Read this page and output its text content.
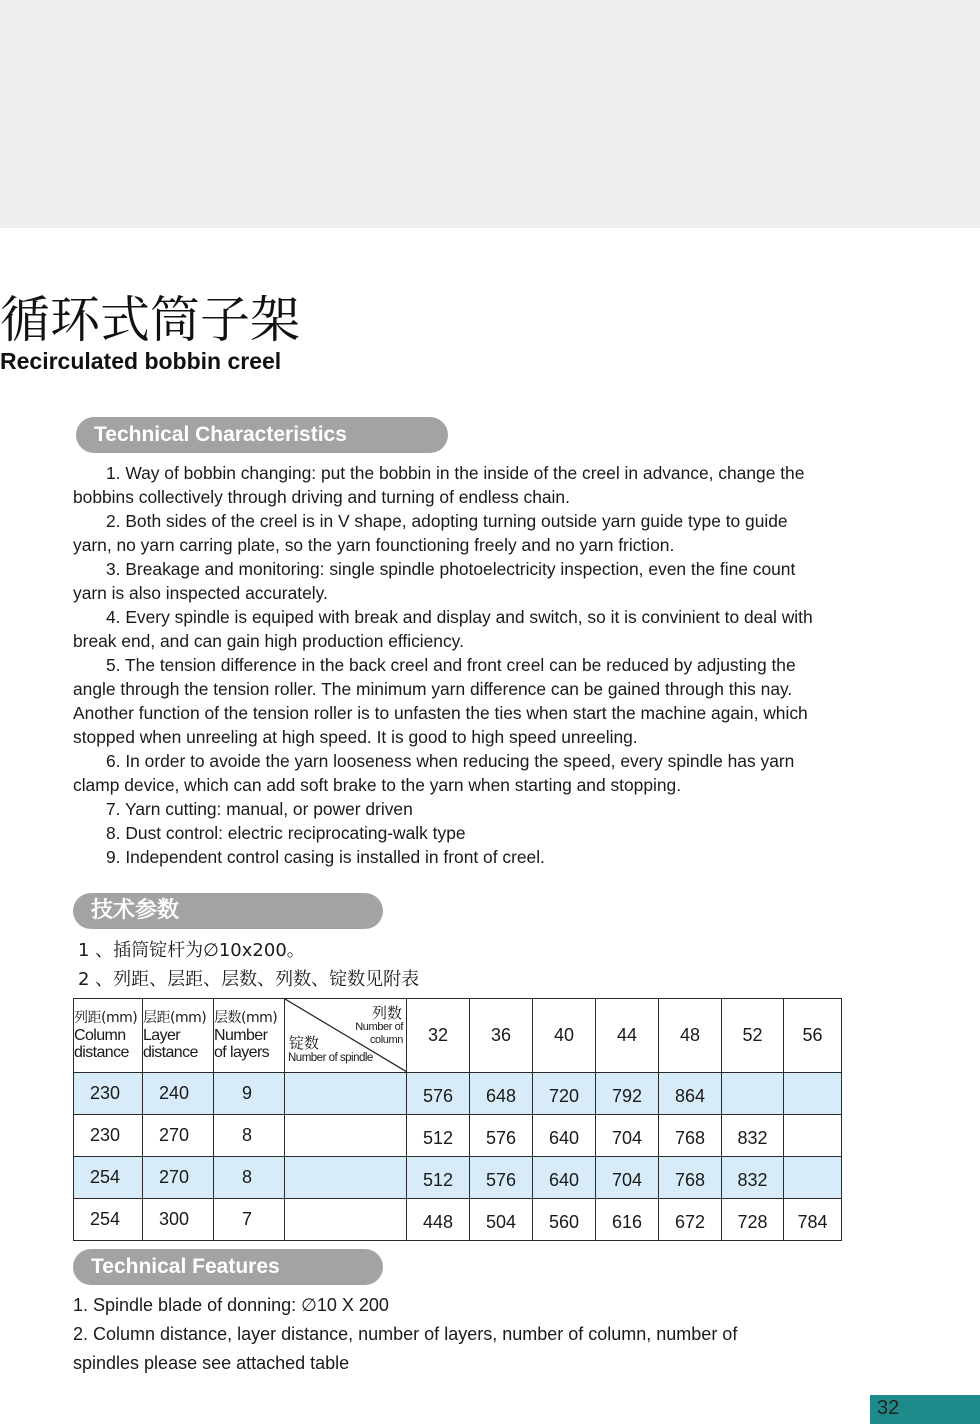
循环式筒子架
Recirculated bobbin creel
Technical Characteristics

1. Way of bobbin changing: put the bobbin in the inside of the creel in advance, change the bobbins collectively through driving and turning of endless chain.

2. Both sides of the creel is in V shape, adopting turning outside yarn guide type to guide yarn, no yarn carring plate, so the yarn founctioning freely and no yarn friction.

3. Breakage and monitoring: single spindle photoelectricity inspection, even the fine count yarn is also inspected accurately.

4. Every spindle is equiped with break and display and switch, so it is convinient to deal with break end, and can gain high production efficiency.

5. The tension difference in the back creel and front creel can be reduced by adjusting the angle through the tension roller. The minimum yarn difference can be gained through this nay. Another function of the tension roller is to unfasten the ties when start the machine again, which stopped when unreeling at high speed. It is good to high speed unreeling.

6. In order to avoide the yarn looseness when reducing the speed, every spindle has yarn clamp device, which can add soft brake to the yarn when starting and stopping.

7. Yarn cutting: manual, or power driven

8. Dust control: electric reciprocating-walk type

9. Independent control casing is installed in front of creel.

技术参数

1 、插筒锭杆为∅10x200。

2 、列距、层距、层数、列数、锭数见附表

列距(mm)
Column
distance	层距(mm)
Layer
distance	层数(mm)
Number
of layers	列数
Number of
column
锭数
Number of spindle	32	36	40	44	48	52	56
230	240	9		576	648	720	792	864		
230	270	8		512	576	640	704	768	832	
254	270	8		512	576	640	704	768	832	
254	300	7		448	504	560	616	672	728	784
Technical Features

1. Spindle blade of donning: ∅10 X 200

2. Column distance, layer distance, number of layers, number of column, number of spindles please see attached table

32
